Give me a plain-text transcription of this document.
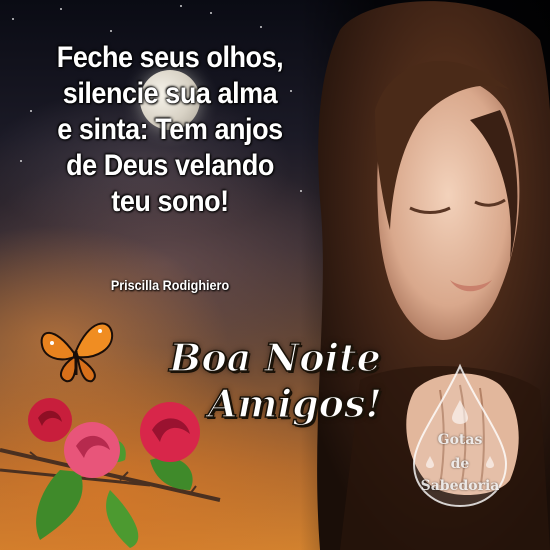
Feche seus olhos,
silencie sua alma
e sinta: Tem anjos
de Deus velando
teu sono!
Priscilla Rodighiero
Boa Noite
Amigos!
Gotas
de
Sabedoria
